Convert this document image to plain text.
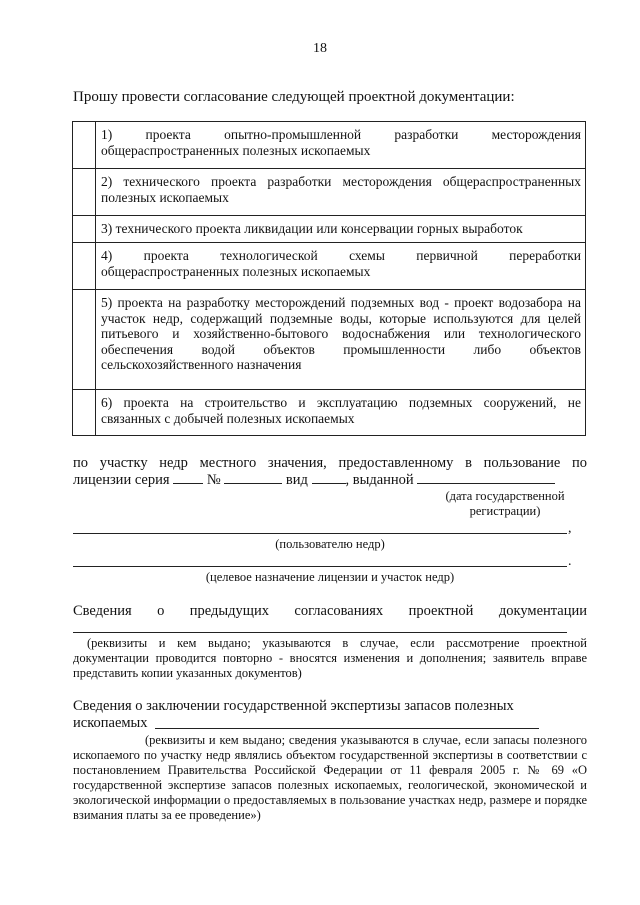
18
Прошу провести согласование следующей проектной документации:

	1) проекта опытно-промышленной разработки месторождения общераспространенных полезных ископаемых

	2) технического проекта разработки месторождения общераспространенных полезных ископаемых

	3) технического проекта ликвидации или консервации горных выработок

	4) проекта технологической схемы первичной переработки общераспространенных полезных ископаемых

	5) проекта на разработку месторождений подземных вод - проект водозабора на участок недр, содержащий подземные воды, которые используются для целей питьевого и хозяйственно-бытового водоснабжения или технологического обеспечения водой объектов промышленности либо объектов сельскохозяйственного назначения

	6) проекта на строительство и эксплуатацию подземных сооружений, не связанных с добычей полезных ископаемых
по участку недр местного значения, предоставленному в пользование по
лицензии серия	№	вид	, выданной
(дата государственной
регистрации)
,
(пользователю недр)
.
(целевое назначение лицензии и участок недр)
Сведения о предыдущих согласованиях проектной документации
(реквизиты и кем выдано; указываются в случае, если рассмотрение проектной документации проводится повторно - вносятся изменения и дополнения; заявитель вправе представить копии указанных документов)
Сведения о заключении государственной экспертизы запасов полезных
ископаемых
(реквизиты и кем выдано; сведения указываются в случае, если запасы полезного ископаемого по участку недр являлись объектом государственной экспертизы в соответствии с постановлением Правительства Российской Федерации от 11 февраля 2005 г. № 69 «О государственной экспертизе запасов полезных ископаемых, геологической, экономической и экологической информации о предоставляемых в пользование участках недр, размере и порядке взимания платы за ее проведение»)
